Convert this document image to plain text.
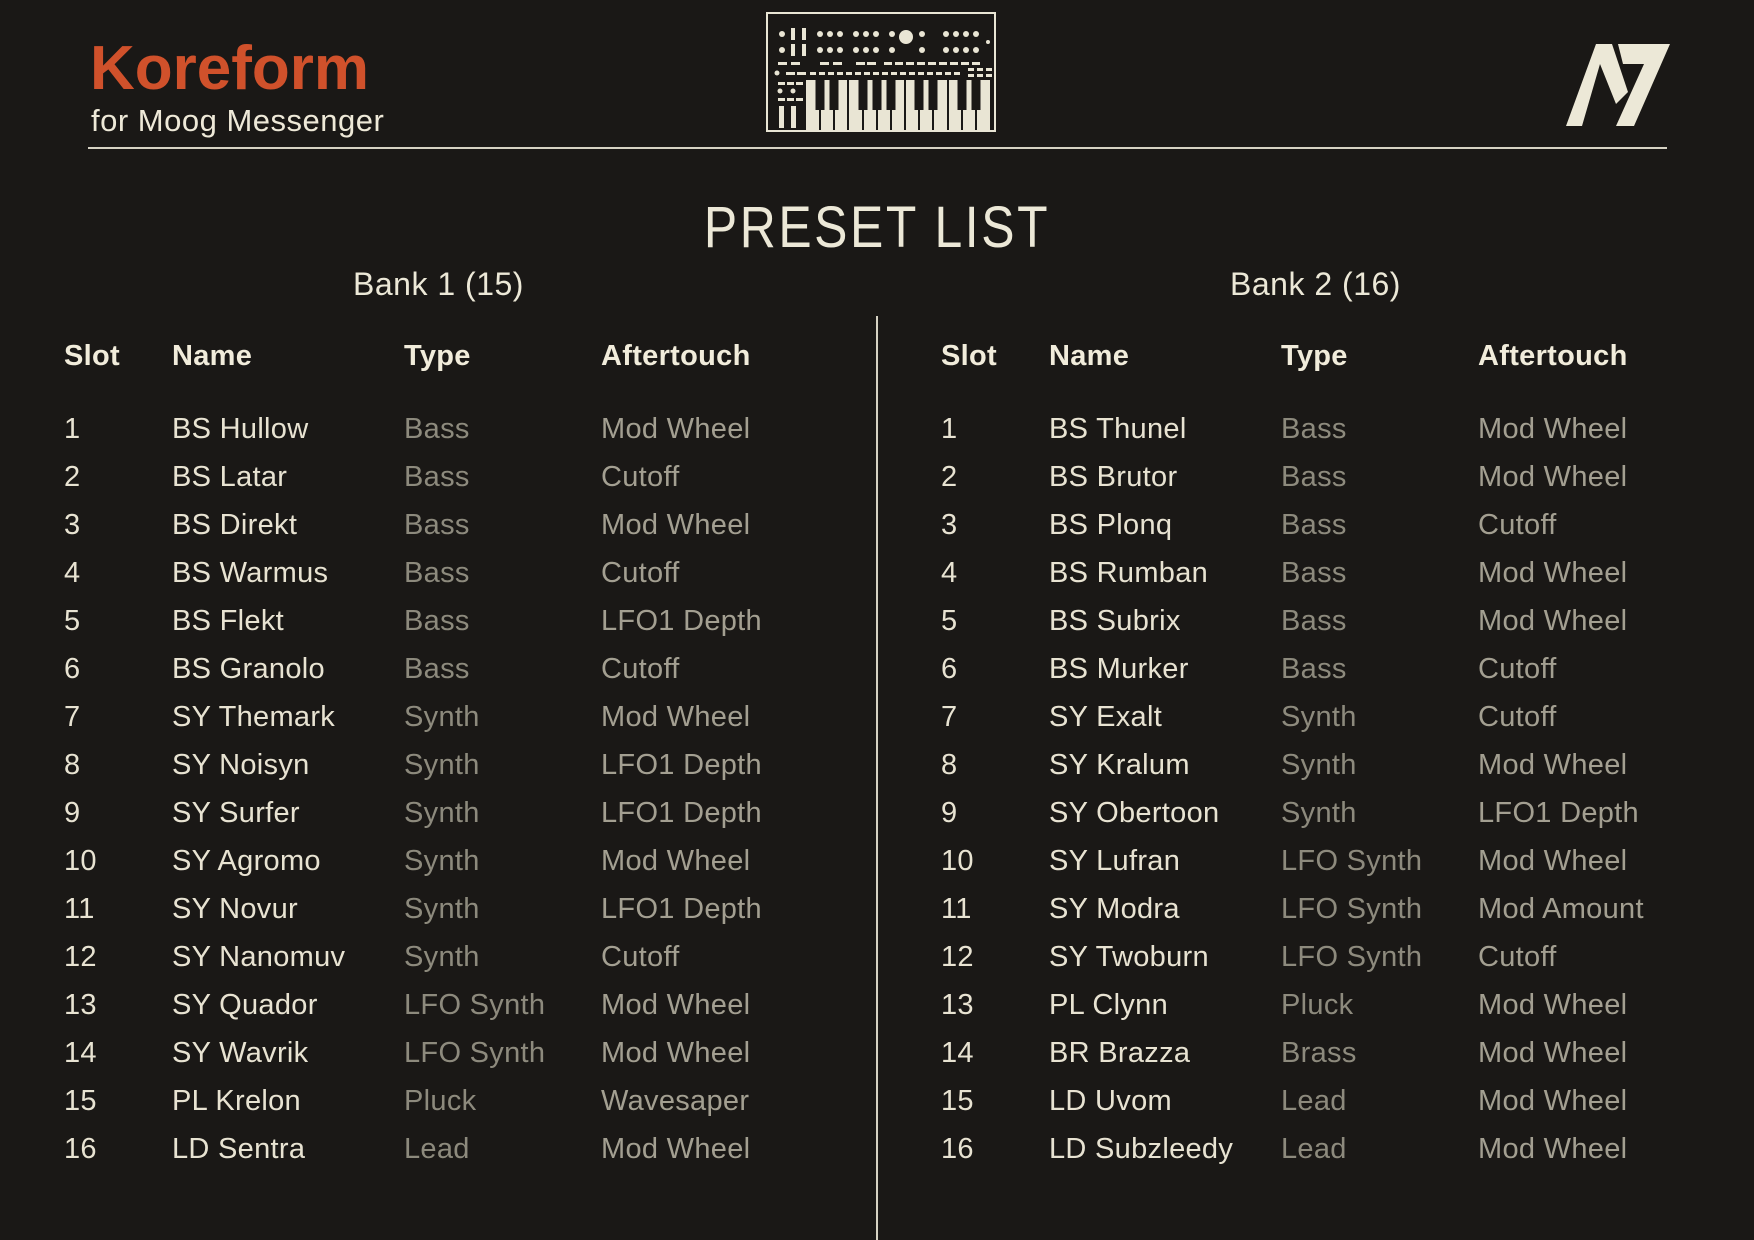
Koreform
for Moog Messenger
PRESET LIST
Bank 1 (15)
Slot	Name	Type	Aftertouch
1	BS Hullow	Bass	Mod Wheel
2	BS Latar	Bass	Cutoff
3	BS Direkt	Bass	Mod Wheel
4	BS Warmus	Bass	Cutoff
5	BS Flekt	Bass	LFO1 Depth
6	BS Granolo	Bass	Cutoff
7	SY Themark	Synth	Mod Wheel
8	SY Noisyn	Synth	LFO1 Depth
9	SY Surfer	Synth	LFO1 Depth
10	SY Agromo	Synth	Mod Wheel
11	SY Novur	Synth	LFO1 Depth
12	SY Nanomuv	Synth	Cutoff
13	SY Quador	LFO Synth	Mod Wheel
14	SY Wavrik	LFO Synth	Mod Wheel
15	PL Krelon	Pluck	Wavesaper
16	LD Sentra	Lead	Mod Wheel
Bank 2 (16)
Slot	Name	Type	Aftertouch
1	BS Thunel	Bass	Mod Wheel
2	BS Brutor	Bass	Mod Wheel
3	BS Plonq	Bass	Cutoff
4	BS Rumban	Bass	Mod Wheel
5	BS Subrix	Bass	Mod Wheel
6	BS Murker	Bass	Cutoff
7	SY Exalt	Synth	Cutoff
8	SY Kralum	Synth	Mod Wheel
9	SY Obertoon	Synth	LFO1 Depth
10	SY Lufran	LFO Synth	Mod Wheel
11	SY Modra	LFO Synth	Mod Amount
12	SY Twoburn	LFO Synth	Cutoff
13	PL Clynn	Pluck	Mod Wheel
14	BR Brazza	Brass	Mod Wheel
15	LD Uvom	Lead	Mod Wheel
16	LD Subzleedy	Lead	Mod Wheel
